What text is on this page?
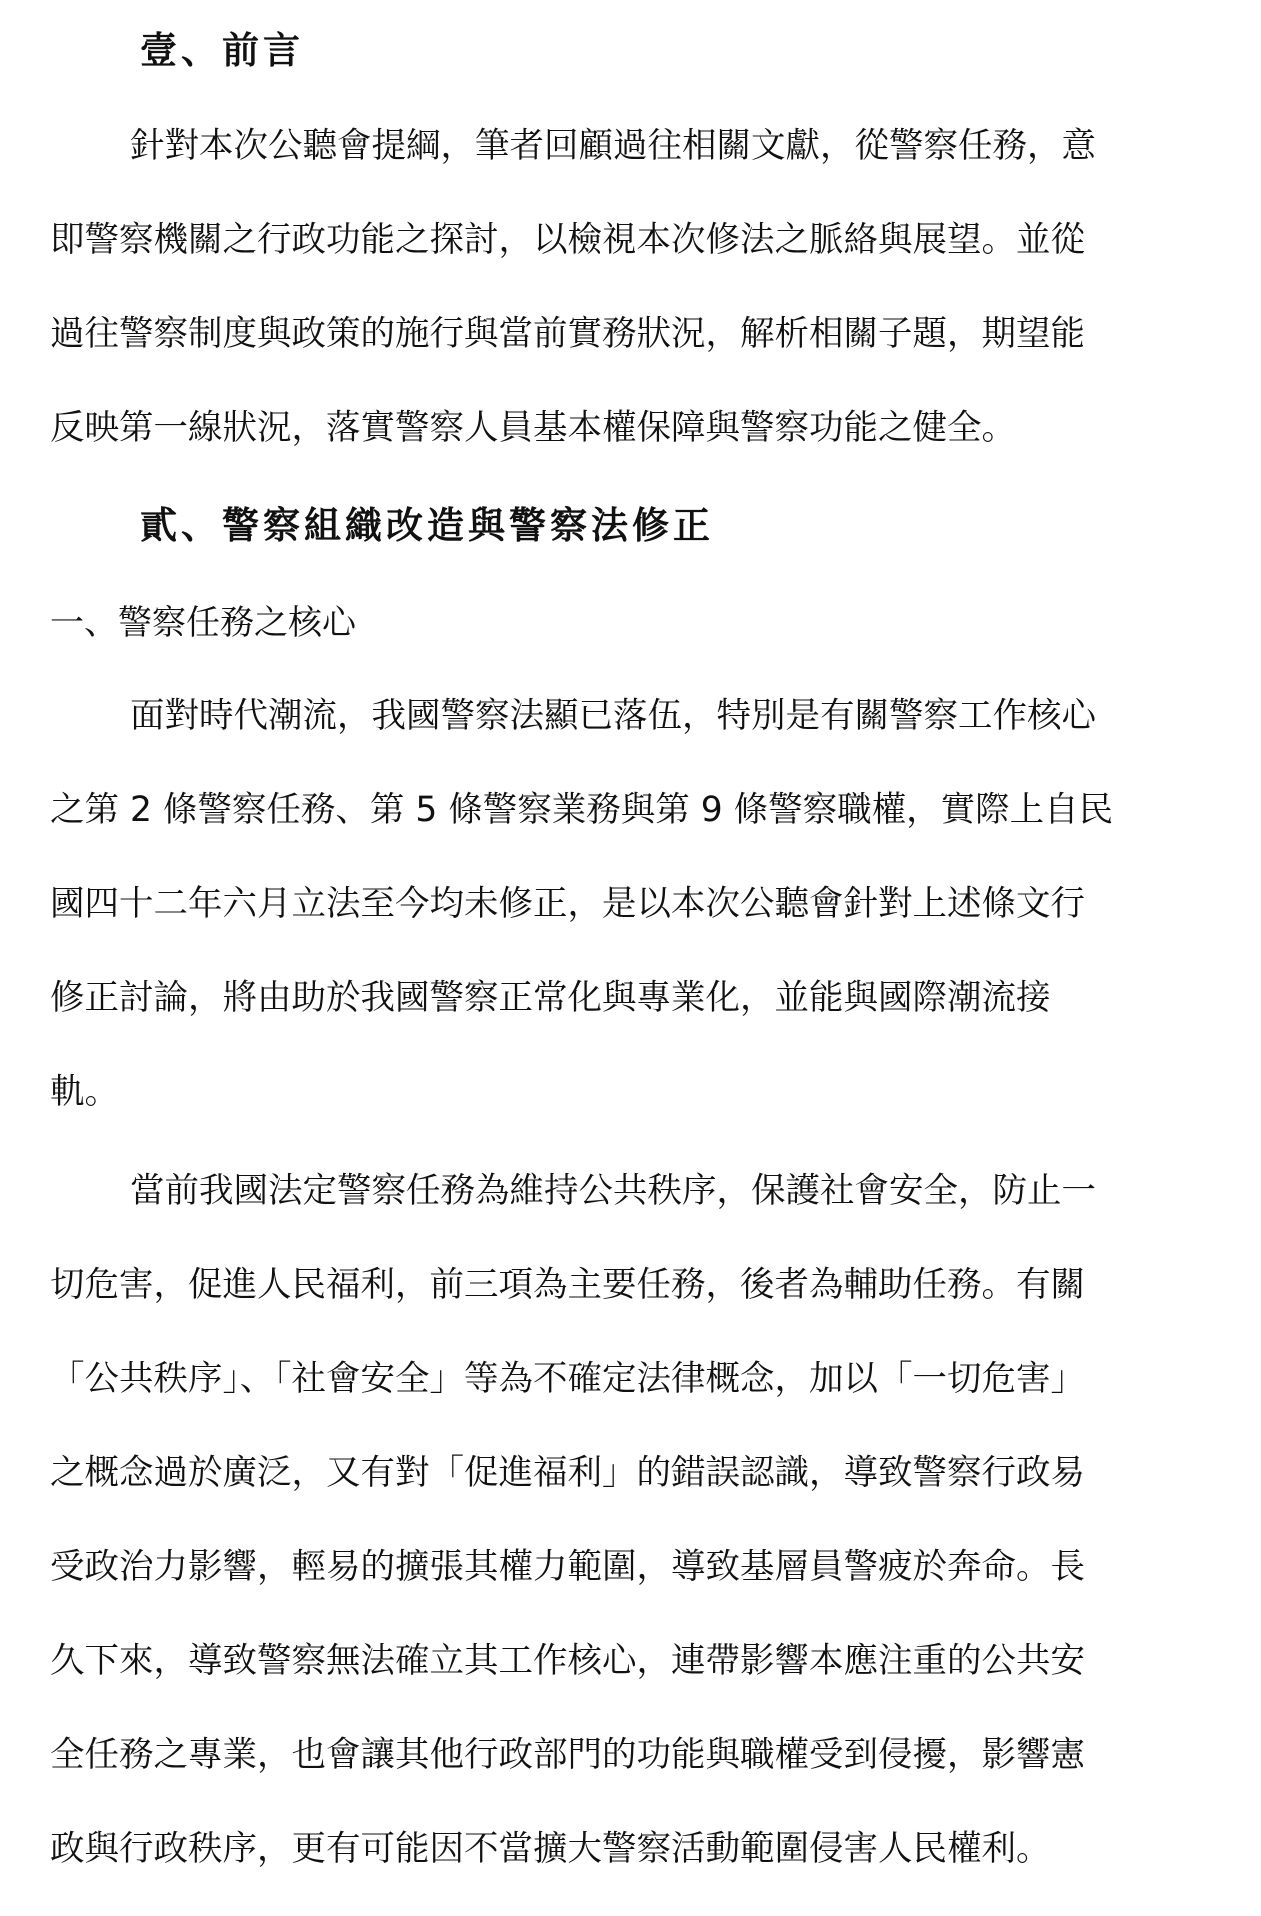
壹、前言
針對本次公聽會提綱，筆者回顧過往相關文獻，從警察任務，意
即警察機關之行政功能之探討，以檢視本次修法之脈絡與展望。並從
過往警察制度與政策的施行與當前實務狀況，解析相關子題，期望能
反映第一線狀況，落實警察人員基本權保障與警察功能之健全。
貳、警察組織改造與警察法修正
一、警察任務之核心
面對時代潮流，我國警察法顯已落伍，特別是有關警察工作核心
之第 2 條警察任務、第 5 條警察業務與第 9 條警察職權，實際上自民
國四十二年六月立法至今均未修正，是以本次公聽會針對上述條文行
修正討論，將由助於我國警察正常化與專業化，並能與國際潮流接
軌。
當前我國法定警察任務為維持公共秩序，保護社會安全，防止一
切危害，促進人民福利，前三項為主要任務，後者為輔助任務。有關
「公共秩序」、「社會安全」等為不確定法律概念，加以「一切危害」
之概念過於廣泛，又有對「促進福利」的錯誤認識，導致警察行政易
受政治力影響，輕易的擴張其權力範圍，導致基層員警疲於奔命。長
久下來，導致警察無法確立其工作核心，連帶影響本應注重的公共安
全任務之專業，也會讓其他行政部門的功能與職權受到侵擾，影響憲
政與行政秩序，更有可能因不當擴大警察活動範圍侵害人民權利。
